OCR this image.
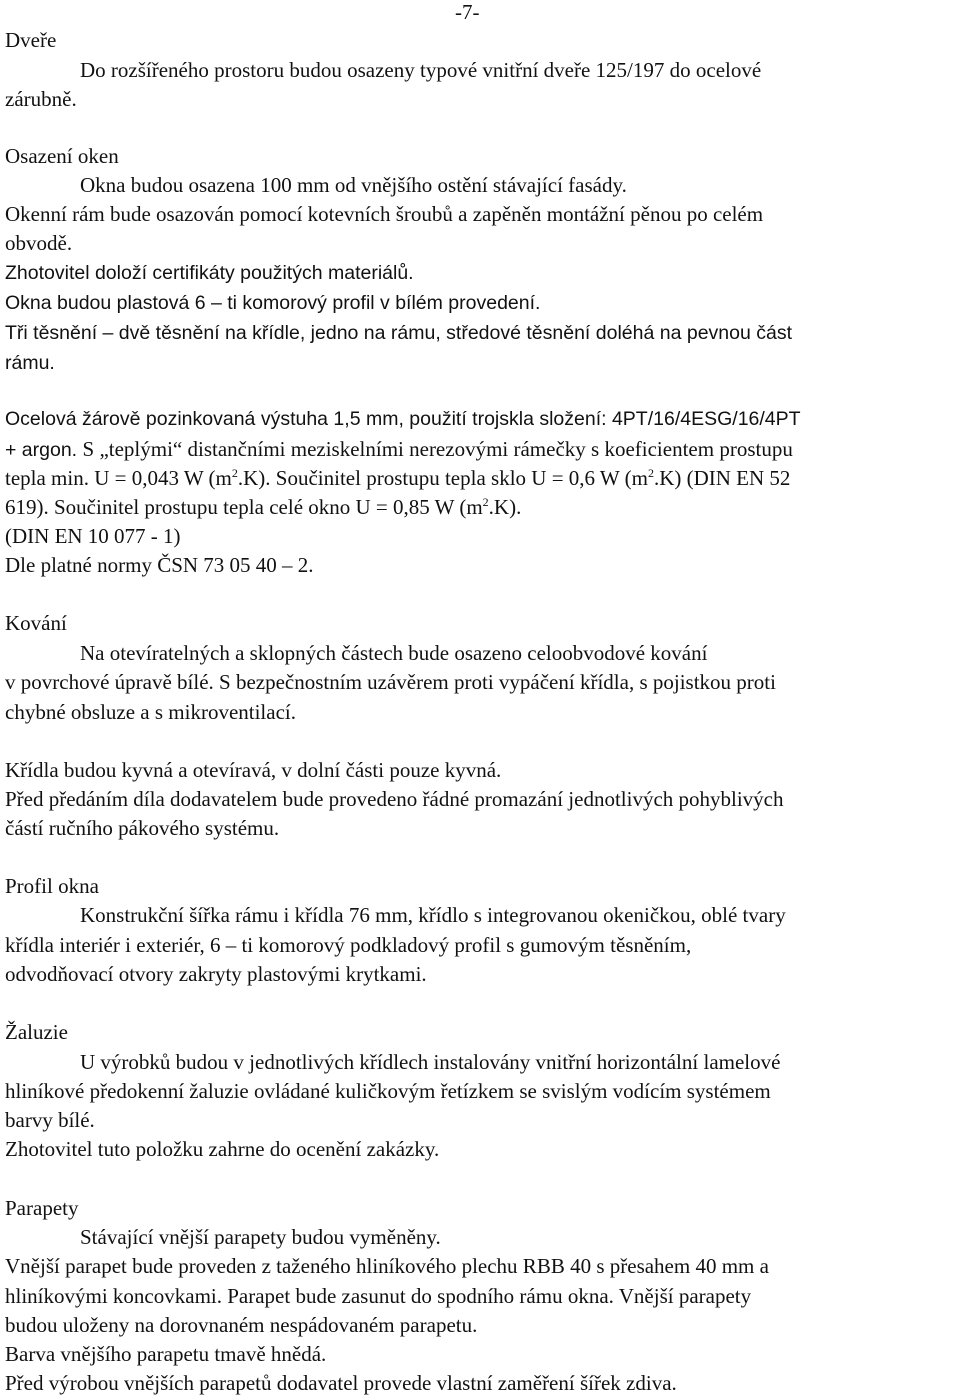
-7-

Dveře

Do rozšířeného prostoru budou osazeny typové vnitřní dveře 125/197 do ocelové

zárubně.

Osazení oken

Okna budou osazena 100 mm od vnějšího ostění stávající fasády.

Okenní rám bude osazován pomocí kotevních šroubů a zapěněn montážní pěnou po celém

obvodě.

Zhotovitel doloží certifikáty použitých materiálů.

Okna budou plastová 6 – ti komorový profil v bílém provedení.

Tři těsnění – dvě těsnění na křídle, jedno na rámu, středové těsnění doléhá na pevnou část

rámu.

Ocelová žárově pozinkovaná výstuha 1,5 mm, použití trojskla složení: 4PT/16/4ESG/16/4PT

+ argon. S „teplými“ distančními meziskelními nerezovými rámečky s koeficientem prostupu

tepla min. U = 0,043 W $(m^2.K)$. Součinitel prostupu tepla sklo U = 0,6 W $(m^2.K)$ (DIN EN 52

619). Součinitel prostupu tepla celé okno U = 0,85 W $(m^2.K)$.

(DIN EN 10 077 - 1)

Dle platné normy ČSN 73 05 40 – 2.

Kování

Na otevíratelných a sklopných částech bude osazeno celoobvodové kování

v povrchové úpravě bílé. S bezpečnostním uzávěrem proti vypáčení křídla, s pojistkou proti

chybné obsluze a s mikroventilací.

Křídla budou kyvná a otevíravá, v dolní části pouze kyvná.

Před předáním díla dodavatelem bude provedeno řádné promazání jednotlivých pohyblivých

částí ručního pákového systému.

Profil okna

Konstrukční šířka rámu i křídla 76 mm, křídlo s integrovanou okeničkou, oblé tvary

křídla interiér i exteriér, 6 – ti komorový podkladový profil s gumovým těsněním,

odvodňovací otvory zakryty plastovými krytkami.

Žaluzie

U výrobků budou v jednotlivých křídlech instalovány vnitřní horizontální lamelové

hliníkové předokenní žaluzie ovládané kuličkovým řetízkem se svislým vodícím systémem

barvy bílé.

Zhotovitel tuto položku zahrne do ocenění zakázky.

Parapety

Stávající vnější parapety budou vyměněny.

Vnější parapet bude proveden z taženého hliníkového plechu RBB 40 s přesahem 40 mm a

hliníkovými koncovkami. Parapet bude zasunut do spodního rámu okna. Vnější parapety

budou uloženy na dorovnaném nespádovaném parapetu.

Barva vnějšího parapetu tmavě hnědá.

Před výrobou vnějších parapetů dodavatel provede vlastní zaměření šířek zdiva.
